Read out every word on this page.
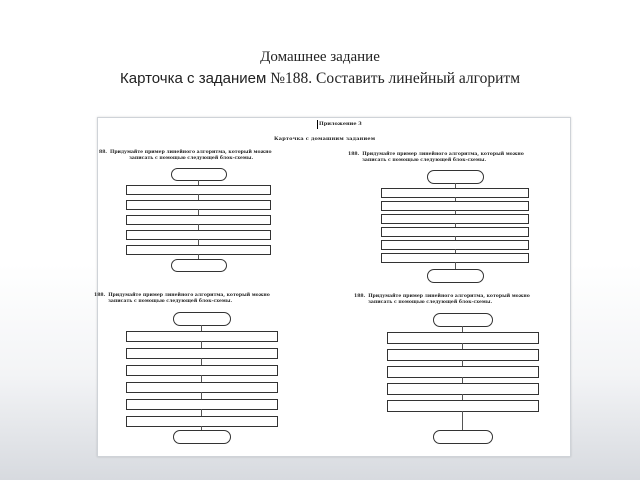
Домашнее задание
Карточка с заданием №188. Составить линейный алгоритм
Приложение 3
Карточка с домашним заданием
88. Придумайте пример линейного алгоритма, который можно
записать с помощью следующей блок-схемы.
188. Придумайте пример линейного алгоритма, который можно
записать с помощью следующей блок-схемы.
188. Придумайте пример линейного алгоритма, который можно
записать с помощью следующей блок-схемы.
188. Придумайте пример линейного алгоритма, который можно
записать с помощью следующей блок-схемы.
